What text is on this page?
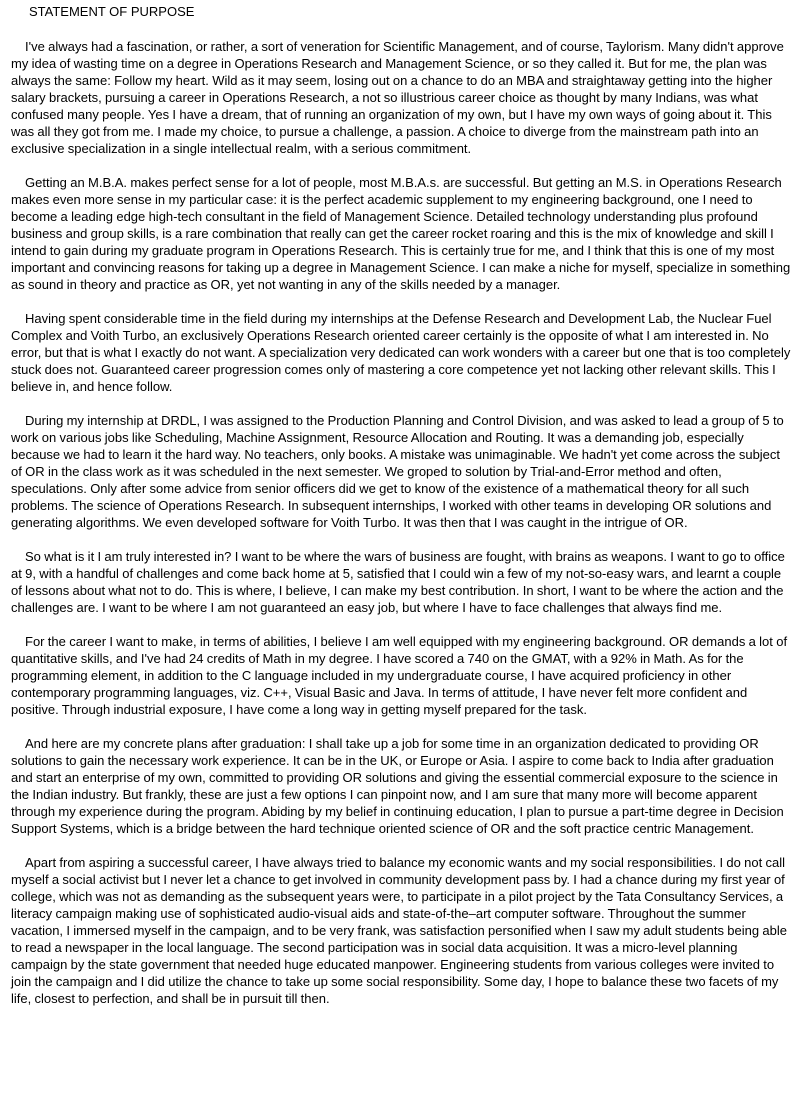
STATEMENT OF PURPOSE

I've always had a fascination, or rather, a sort of veneration for Scientific Management, and of course, Taylorism. Many didn't approve my idea of wasting time on a degree in Operations Research and Management Science, or so they called it. But for me, the plan was always the same: Follow my heart. Wild as it may seem, losing out on a chance to do an MBA and straightaway getting into the higher salary brackets, pursuing a career in Operations Research, a not so illustrious career choice as thought by many Indians, was what confused many people. Yes I have a dream, that of running an organization of my own, but I have my own ways of going about it. This was all they got from me. I made my choice, to pursue a challenge, a passion. A choice to diverge from the mainstream path into an exclusive specialization in a single intellectual realm, with a serious commitment.

Getting an M.B.A. makes perfect sense for a lot of people, most M.B.A.s. are successful. But getting an M.S. in Operations Research makes even more sense in my particular case: it is the perfect academic supplement to my engineering background, one I need to become a leading edge high-tech consultant in the field of Management Science. Detailed technology understanding plus profound business and group skills, is a rare combination that really can get the career rocket roaring and this is the mix of knowledge and skill I intend to gain during my graduate program in Operations Research. This is certainly true for me, and I think that this is one of my most important and convincing reasons for taking up a degree in Management Science. I can make a niche for myself, specialize in something as sound in theory and practice as OR, yet not wanting in any of the skills needed by a manager.

Having spent considerable time in the field during my internships at the Defense Research and Development Lab, the Nuclear Fuel Complex and Voith Turbo, an exclusively Operations Research oriented career certainly is the opposite of what I am interested in. No error, but that is what I exactly do not want. A specialization very dedicated can work wonders with a career but one that is too completely stuck does not. Guaranteed career progression comes only of mastering a core competence yet not lacking other relevant skills. This I believe in, and hence follow.

During my internship at DRDL, I was assigned to the Production Planning and Control Division, and was asked to lead a group of 5 to work on various jobs like Scheduling, Machine Assignment, Resource Allocation and Routing. It was a demanding job, especially because we had to learn it the hard way. No teachers, only books. A mistake was unimaginable. We hadn't yet come across the subject of OR in the class work as it was scheduled in the next semester. We groped to solution by Trial-and-Error method and often, speculations. Only after some advice from senior officers did we get to know of the existence of a mathematical theory for all such problems. The science of Operations Research. In subsequent internships, I worked with other teams in developing OR solutions and generating algorithms. We even developed software for Voith Turbo. It was then that I was caught in the intrigue of OR.

So what is it I am truly interested in? I want to be where the wars of business are fought, with brains as weapons. I want to go to office at 9, with a handful of challenges and come back home at 5, satisfied that I could win a few of my not-so-easy wars, and learnt a couple of lessons about what not to do. This is where, I believe, I can make my best contribution. In short, I want to be where the action and the challenges are. I want to be where I am not guaranteed an easy job, but where I have to face challenges that always find me.

For the career I want to make, in terms of abilities, I believe I am well equipped with my engineering background. OR demands a lot of quantitative skills, and I've had 24 credits of Math in my degree. I have scored a 740 on the GMAT, with a 92% in Math. As for the programming element, in addition to the C language included in my undergraduate course, I have acquired proficiency in other contemporary programming languages, viz. C++, Visual Basic and Java. In terms of attitude, I have never felt more confident and positive. Through industrial exposure, I have come a long way in getting myself prepared for the task.

And here are my concrete plans after graduation: I shall take up a job for some time in an organization dedicated to providing OR solutions to gain the necessary work experience. It can be in the UK, or Europe or Asia. I aspire to come back to India after graduation and start an enterprise of my own, committed to providing OR solutions and giving the essential commercial exposure to the science in the Indian industry. But frankly, these are just a few options I can pinpoint now, and I am sure that many more will become apparent through my experience during the program. Abiding by my belief in continuing education, I plan to pursue a part-time degree in Decision Support Systems, which is a bridge between the hard technique oriented science of OR and the soft practice centric Management.

Apart from aspiring a successful career, I have always tried to balance my economic wants and my social responsibilities. I do not call myself a social activist but I never let a chance to get involved in community development pass by. I had a chance during my first year of college, which was not as demanding as the subsequent years were, to participate in a pilot project by the Tata Consultancy Services, a literacy campaign making use of sophisticated audio-visual aids and state-of-the–art computer software. Throughout the summer vacation, I immersed myself in the campaign, and to be very frank, was satisfaction personified when I saw my adult students being able to read a newspaper in the local language. The second participation was in social data acquisition. It was a micro-level planning campaign by the state government that needed huge educated manpower. Engineering students from various colleges were invited to join the campaign and I did utilize the chance to take up some social responsibility. Some day, I hope to balance these two facets of my life, closest to perfection, and shall be in pursuit till then.
